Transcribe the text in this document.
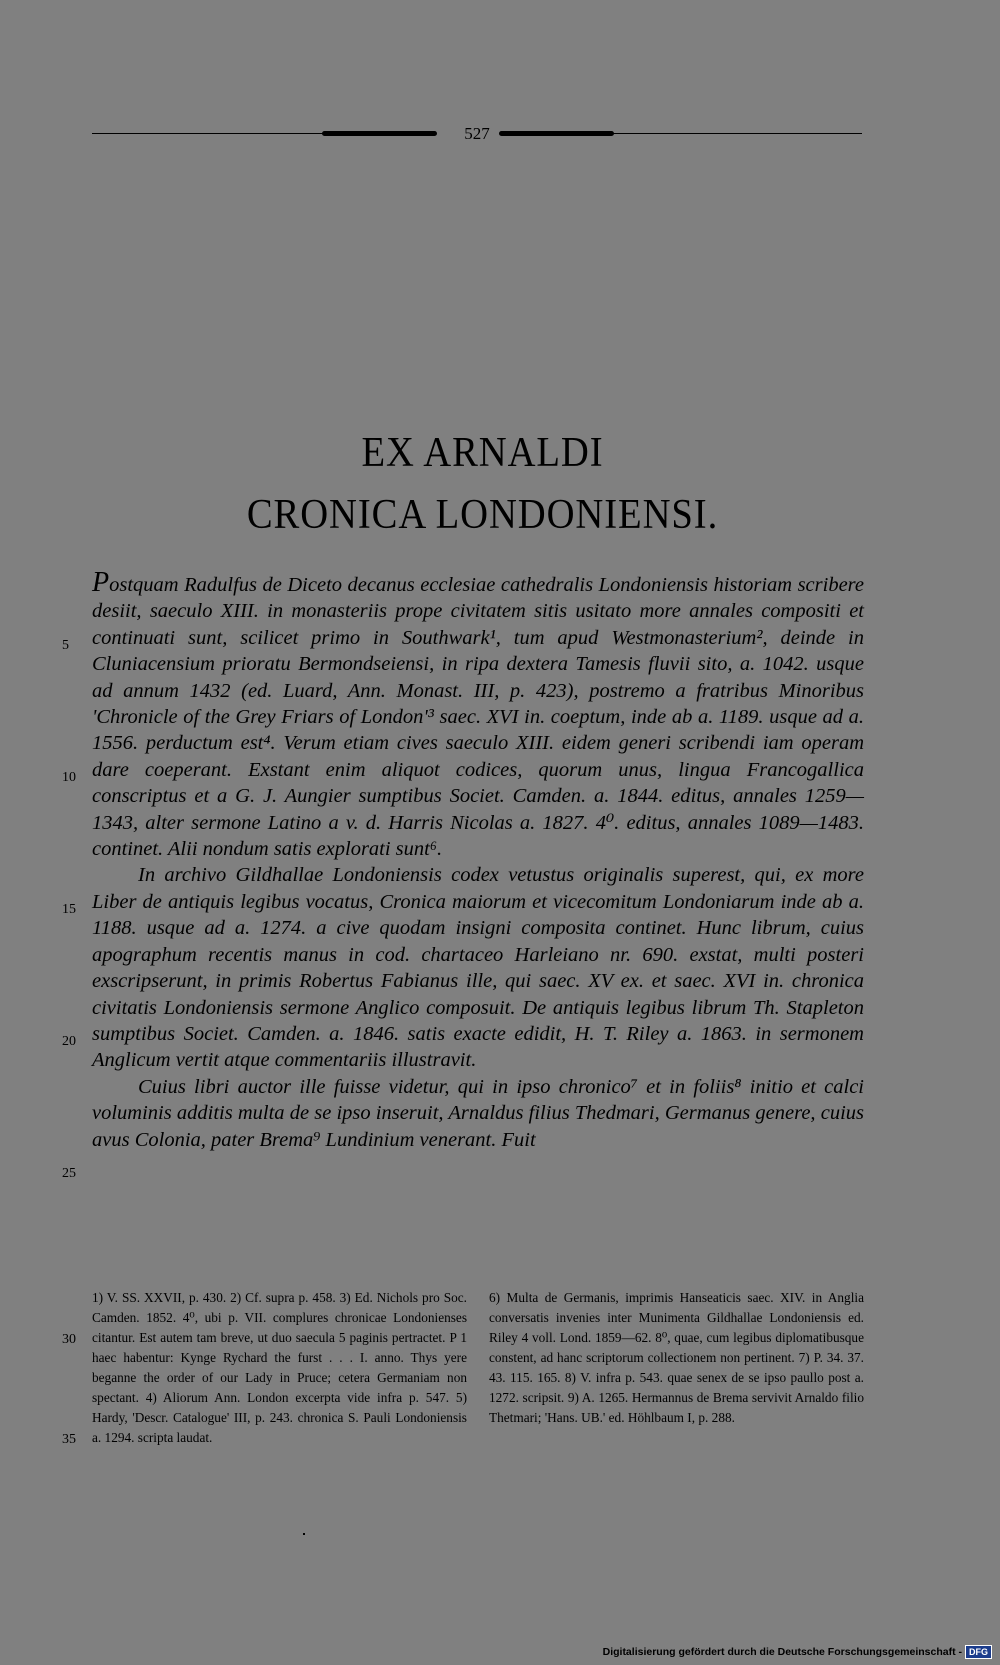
527
EX ARNALDI
CRONICA LONDONIENSI.
5
10
15
20
25

Postquam Radulfus de Diceto decanus ecclesiae cathedralis Londoniensis historiam scribere desiit, saeculo XIII. in monasteriis prope civitatem sitis usitato more annales compositi et continuati sunt, scilicet primo in Southwark¹, tum apud Westmonasterium², deinde in Cluniacensium prioratu Bermondseiensi, in ripa dextera Tamesis fluvii sito, a. 1042. usque ad annum 1432 (ed. Luard, Ann. Monast. III, p. 423), postremo a fratribus Minoribus 'Chronicle of the Grey Friars of London'³ saec. XVI in. coeptum, inde ab a. 1189. usque ad a. 1556. perductum est⁴. Verum etiam cives saeculo XIII. eidem generi scribendi iam operam dare coeperant. Exstant enim aliquot codices, quorum unus, lingua Francogallica conscriptus et a G. J. Aungier sumptibus Societ. Camden. a. 1844. editus, annales 1259—1343, alter sermone Latino a v. d. Harris Nicolas a. 1827. 4⁰. editus, annales 1089—1483. continet. Alii nondum satis explorati sunt⁶.

In archivo Gildhallae Londoniensis codex vetustus originalis superest, qui, ex more Liber de antiquis legibus vocatus, Cronica maiorum et vicecomitum Londoniarum inde ab a. 1188. usque ad a. 1274. a cive quodam insigni composita continet. Hunc librum, cuius apographum recentis manus in cod. chartaceo Harleiano nr. 690. exstat, multi posteri exscripserunt, in primis Robertus Fabianus ille, qui saec. XV ex. et saec. XVI in. chronica civitatis Londoniensis sermone Anglico composuit. De antiquis legibus librum Th. Stapleton sumptibus Societ. Camden. a. 1846. satis exacte edidit, H. T. Riley a. 1863. in sermonem Anglicum vertit atque commentariis illustravit.

Cuius libri auctor ille fuisse videtur, qui in ipso chronico⁷ et in foliis⁸ initio et calci voluminis additis multa de se ipso inseruit, Arnaldus filius Thedmari, Germanus genere, cuius avus Colonia, pater Brema⁹ Lundinium venerant. Fuit

30
35

1) V. SS. XXVII, p. 430. 2) Cf. supra p. 458. 3) Ed. Nichols pro Soc. Camden. 1852. 4⁰, ubi p. VII. complures chronicae Londonienses citantur. Est autem tam breve, ut duo saecula 5 paginis pertractet. P 1 haec habentur: Kynge Rychard the furst . . . I. anno. Thys yere beganne the order of our Lady in Pruce; cetera Germaniam non spectant. 4) Aliorum Ann. London excerpta vide infra p. 547. 5) Hardy, 'Descr. Catalogue' III, p. 243. chronica S. Pauli Londoniensis a. 1294. scripta laudat.

6) Multa de Germanis, imprimis Hanseaticis saec. XIV. in Anglia conversatis invenies inter Munimenta Gildhallae Londoniensis ed. Riley 4 voll. Lond. 1859—62. 8⁰, quae, cum legibus diplomatibusque constent, ad hanc scriptorum collectionem non pertinent. 7) P. 34. 37. 43. 115. 165. 8) V. infra p. 543. quae senex de se ipso paullo post a. 1272. scripsit. 9) A. 1265. Hermannus de Brema servivit Arnaldo filio Thetmari; 'Hans. UB.' ed. Höhlbaum I, p. 288.

Digitalisierung gefördert durch die Deutsche Forschungsgemeinschaft - DFG
